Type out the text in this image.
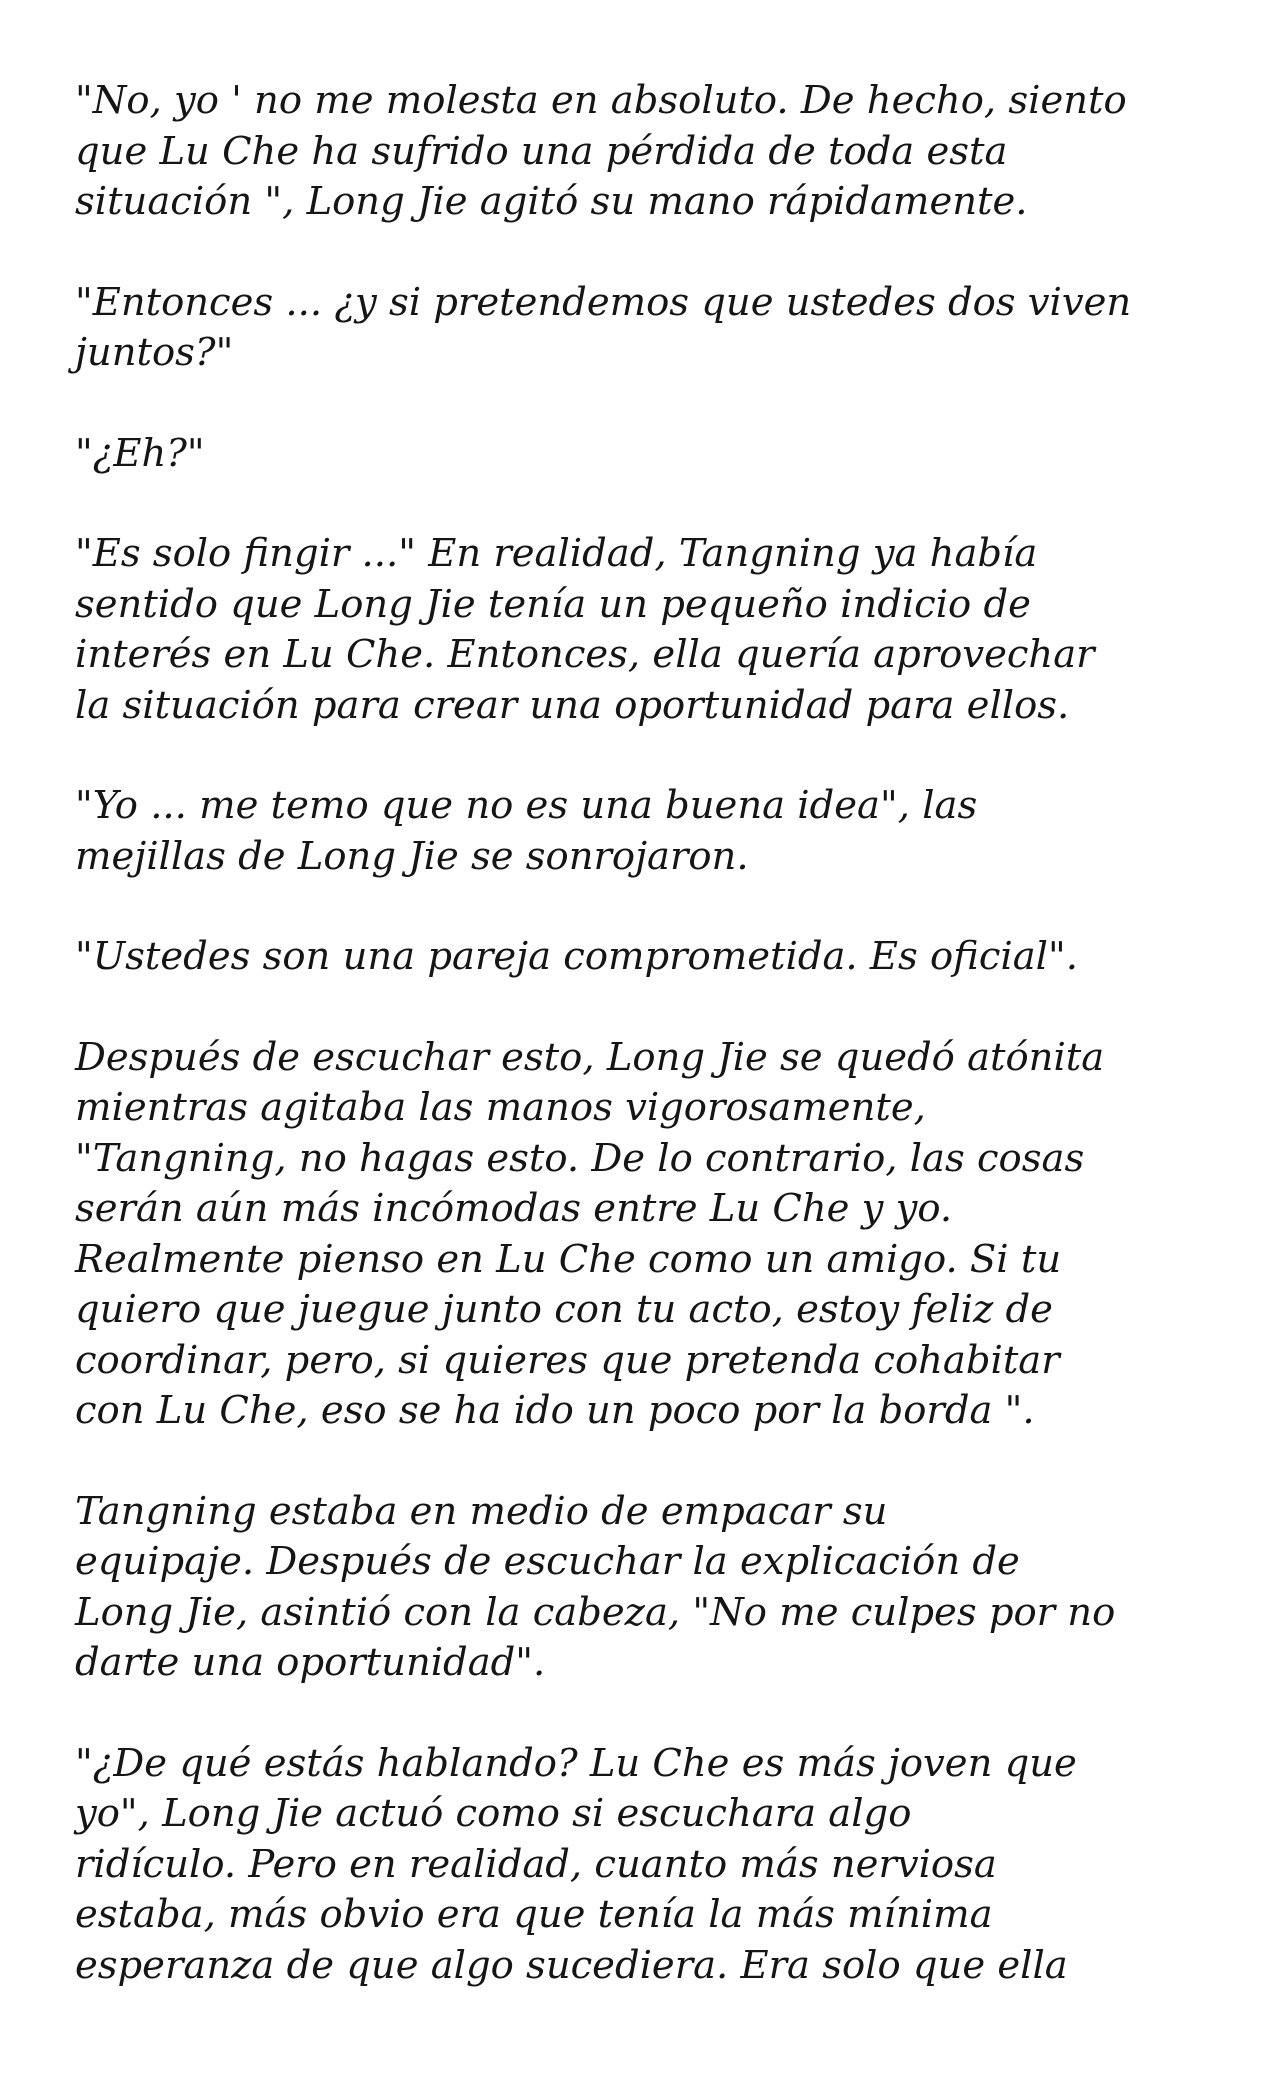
"No, yo ' no me molesta en absoluto. De hecho, siento
que Lu Che ha sufrido una pérdida de toda esta
situación ", Long Jie agitó su mano rápidamente.

"Entonces ... ¿y si pretendemos que ustedes dos viven
juntos?"

"¿Eh?"

"Es solo fingir ..." En realidad, Tangning ya había
sentido que Long Jie tenía un pequeño indicio de
interés en Lu Che. Entonces, ella quería aprovechar
la situación para crear una oportunidad para ellos.

"Yo ... me temo que no es una buena idea", las
mejillas de Long Jie se sonrojaron.

"Ustedes son una pareja comprometida. Es oficial".

Después de escuchar esto, Long Jie se quedó atónita
mientras agitaba las manos vigorosamente,
"Tangning, no hagas esto. De lo contrario, las cosas
serán aún más incómodas entre Lu Che y yo.
Realmente pienso en Lu Che como un amigo. Si tu
quiero que juegue junto con tu acto, estoy feliz de
coordinar, pero, si quieres que pretenda cohabitar
con Lu Che, eso se ha ido un poco por la borda ".

Tangning estaba en medio de empacar su
equipaje. Después de escuchar la explicación de
Long Jie, asintió con la cabeza, "No me culpes por no
darte una oportunidad".

"¿De qué estás hablando? Lu Che es más joven que
yo", Long Jie actuó como si escuchara algo
ridículo. Pero en realidad, cuanto más nerviosa
estaba, más obvio era que tenía la más mínima
esperanza de que algo sucediera. Era solo que ella
